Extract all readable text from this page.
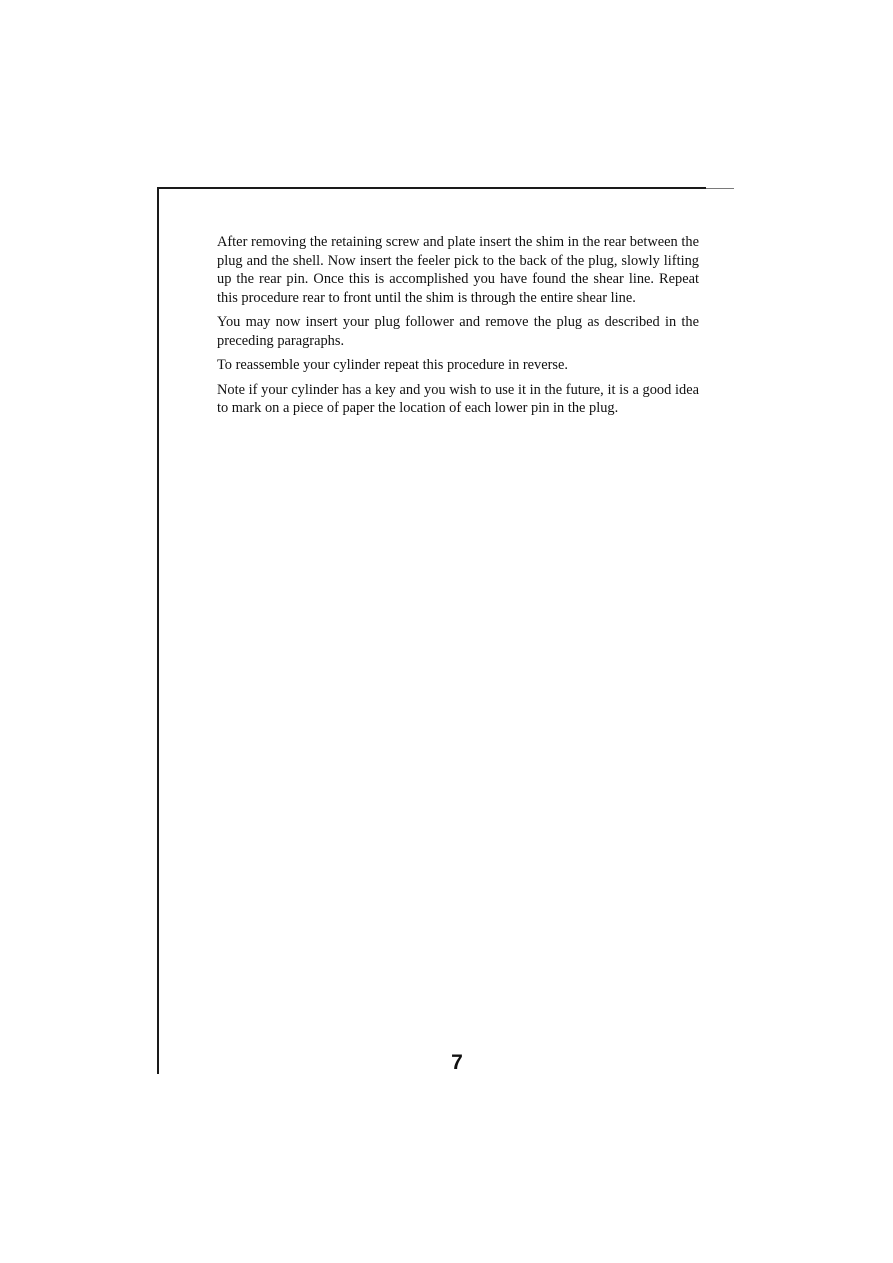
After removing the retaining screw and plate insert the shim in the rear between the plug and the shell. Now insert the feeler pick to the back of the plug, slowly lifting up the rear pin. Once this is accomplished you have found the shear line. Repeat this procedure rear to front until the shim is through the entire shear line.

You may now insert your plug follower and remove the plug as described in the preceding paragraphs.

To reassemble your cylinder repeat this procedure in reverse.

Note if your cylinder has a key and you wish to use it in the future, it is a good idea to mark on a piece of paper the location of each lower pin in the plug.

7
